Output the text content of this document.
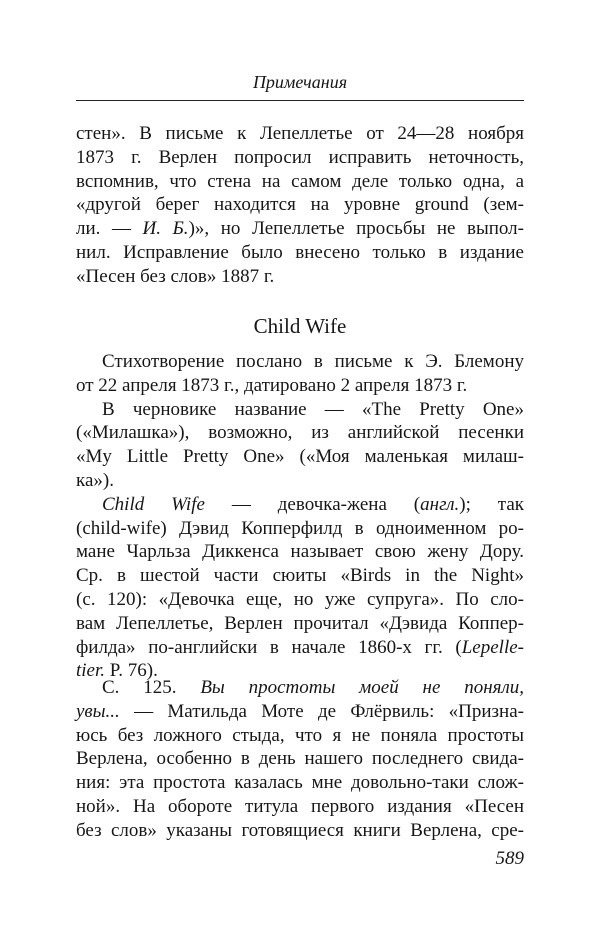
Примечания
стен». В письме к Лепеллетье от 24—28 ноября
1873 г. Верлен попросил исправить неточность,
вспомнив, что стена на самом деле только одна, а
«другой берег находится на уровне ground (зем-
ли. — И. Б.)», но Лепеллетье просьбы не выпол-
нил. Исправление было внесено только в издание
«Песен без слов» 1887 г.
Child Wife
Стихотворение послано в письме к Э. Блемону
от 22 апреля 1873 г., датировано 2 апреля 1873 г.
В черновике название — «The Pretty One»
(«Милашка»), возможно, из английской песенки
«My Little Pretty One» («Моя маленькая милаш-
ка»).
Child Wife — девочка-жена (англ.); так
(child-wife) Дэвид Копперфилд в одноименном ро-
мане Чарльза Диккенса называет свою жену Дору.
Ср. в шестой части сюиты «Birds in the Night»
(с. 120): «Девочка еще, но уже супруга». По сло-
вам Лепеллетье, Верлен прочитал «Дэвида Коппер-
филда» по-английски в начале 1860-х гг. (Lepelle-
tier. P. 76).
С. 125. Вы простоты моей не поняли,
увы... — Матильда Моте де Флёрвиль: «Призна-
юсь без ложного стыда, что я не поняла простоты
Верлена, особенно в день нашего последнего свида-
ния: эта простота казалась мне довольно-таки слож-
ной». На обороте титула первого издания «Песен
без слов» указаны готовящиеся книги Верлена, сре-
589
